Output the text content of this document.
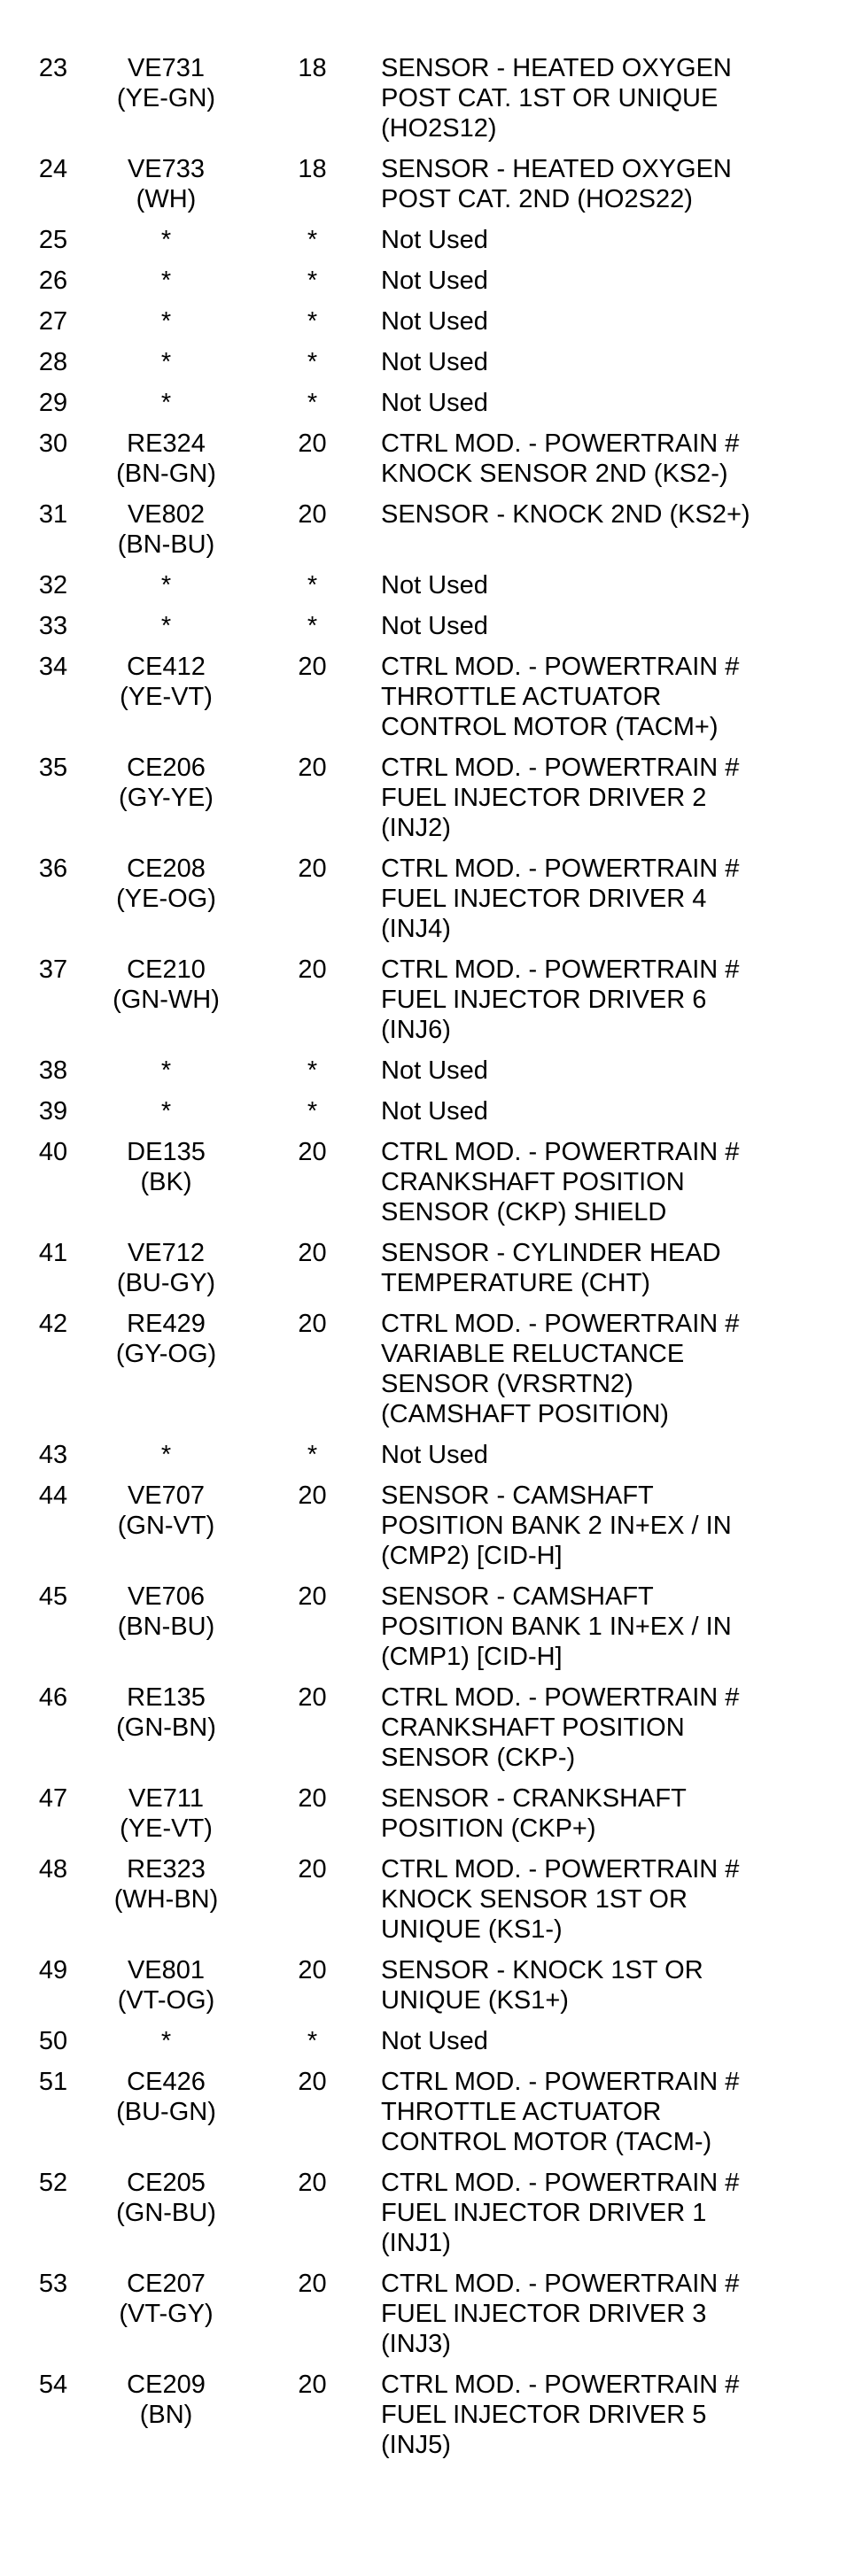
23	VE731
(YE-GN)	18	SENSOR - HEATED OXYGEN
POST CAT. 1ST OR UNIQUE
(HO2S12)

24	VE733
(WH)	18	SENSOR - HEATED OXYGEN
POST CAT. 2ND (HO2S22)

25	*	*	Not Used

26	*	*	Not Used

27	*	*	Not Used

28	*	*	Not Used

29	*	*	Not Used

30	RE324
(BN-GN)	20	CTRL MOD. - POWERTRAIN #
KNOCK SENSOR 2ND (KS2-)

31	VE802
(BN-BU)	20	SENSOR - KNOCK 2ND (KS2+)

32	*	*	Not Used

33	*	*	Not Used

34	CE412
(YE-VT)	20	CTRL MOD. - POWERTRAIN #
THROTTLE ACTUATOR
CONTROL MOTOR (TACM+)

35	CE206
(GY-YE)	20	CTRL MOD. - POWERTRAIN #
FUEL INJECTOR DRIVER 2
(INJ2)

36	CE208
(YE-OG)	20	CTRL MOD. - POWERTRAIN #
FUEL INJECTOR DRIVER 4
(INJ4)

37	CE210
(GN-WH)	20	CTRL MOD. - POWERTRAIN #
FUEL INJECTOR DRIVER 6
(INJ6)

38	*	*	Not Used

39	*	*	Not Used

40	DE135
(BK)	20	CTRL MOD. - POWERTRAIN #
CRANKSHAFT POSITION
SENSOR (CKP) SHIELD

41	VE712
(BU-GY)	20	SENSOR - CYLINDER HEAD
TEMPERATURE (CHT)

42	RE429
(GY-OG)	20	CTRL MOD. - POWERTRAIN #
VARIABLE RELUCTANCE
SENSOR (VRSRTN2)
(CAMSHAFT POSITION)

43	*	*	Not Used

44	VE707
(GN-VT)	20	SENSOR - CAMSHAFT
POSITION BANK 2 IN+EX / IN
(CMP2) [CID-H]

45	VE706
(BN-BU)	20	SENSOR - CAMSHAFT
POSITION BANK 1 IN+EX / IN
(CMP1) [CID-H]

46	RE135
(GN-BN)	20	CTRL MOD. - POWERTRAIN #
CRANKSHAFT POSITION
SENSOR (CKP-)

47	VE711
(YE-VT)	20	SENSOR - CRANKSHAFT
POSITION (CKP+)

48	RE323
(WH-BN)	20	CTRL MOD. - POWERTRAIN #
KNOCK SENSOR 1ST OR
UNIQUE (KS1-)

49	VE801
(VT-OG)	20	SENSOR - KNOCK 1ST OR
UNIQUE (KS1+)

50	*	*	Not Used

51	CE426
(BU-GN)	20	CTRL MOD. - POWERTRAIN #
THROTTLE ACTUATOR
CONTROL MOTOR (TACM-)

52	CE205
(GN-BU)	20	CTRL MOD. - POWERTRAIN #
FUEL INJECTOR DRIVER 1
(INJ1)

53	CE207
(VT-GY)	20	CTRL MOD. - POWERTRAIN #
FUEL INJECTOR DRIVER 3
(INJ3)

54	CE209
(BN)	20	CTRL MOD. - POWERTRAIN #
FUEL INJECTOR DRIVER 5
(INJ5)
